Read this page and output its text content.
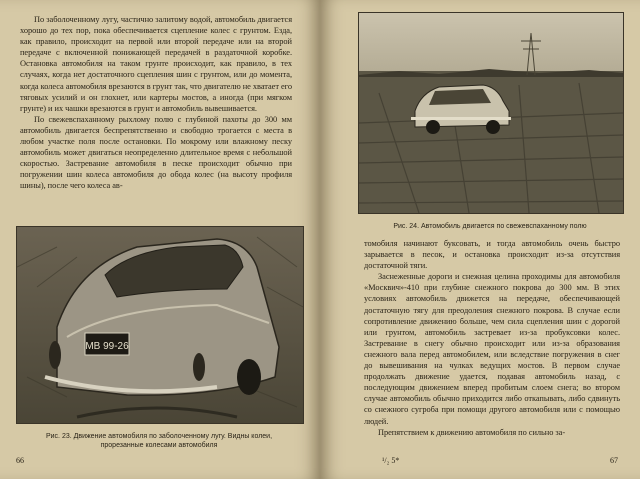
По заболоченному лугу, частично залитому водой, автомобиль двигается хорошо до тех пор, пока обеспечивается сцепление колес с грунтом. Езда, как правило, происходит на первой или второй передаче или на второй передаче с включенной понижающей передачей в раздаточной коробке. Остановка автомобиля на таком грунте происходит, как правило, в тех случаях, когда нет достаточного сцепления шин с грунтом, или до момента, когда колеса автомобиля врезаются в грунт так, что двигателю не хватает его тяговых усилий и он глохнет, или картеры мостов, а иногда (при мягком грунте) и их чашки врезаются в грунт и автомобиль вывешивается.

По свежевспаханному рыхлому полю с глубиной пахоты до 300 мм автомобиль двигается беспрепятственно и свободно трогается с места в любом участке поля после остановки. По мокрому или влажному песку автомобиль может двигаться неопределенно длительное время с небольшой скоростью. Застревание автомобиля в песке происходит обычно при погружении шин колеса автомобиля до обода колес (на высоту профиля шины), после чего колеса ав-

МВ 99-26
Рис. 23. Движение автомобиля по заболоченному лугу. Видны колеи, прорезанные колесами автомобиля
66
Рис. 24. Автомобиль двигается по свежевспаханному полю

томобиля начинают буксовать, и тогда автомобиль очень быстро зарывается в песок, и остановка происходит из-за отсутствия достаточной тяги.

Заснеженные дороги и снежная целина проходимы для автомобиля «Москвич»-410 при глубине снежного покрова до 300 мм. В этих условиях автомобиль движется на передаче, обеспечивающей достаточную тягу для преодоления снежного покрова. В случае если сопротивление движению больше, чем сила сцепления шин с дорогой или грунтом, автомобиль застревает из-за пробуксовки колес. Застревание в снегу обычно происходит или из-за образования снежного вала перед автомобилем, или вследствие погружения в снег до вывешивания на чулках ведущих мостов. В первом случае продолжать движение удается, подавая автомобиль назад, с последующим движением вперед пробитым слоем снега; во втором случае автомобиль обычно приходится либо откапывать, либо сдвинуть со снежного сугроба при помощи другого автомобиля или с помощью людей.

Препятствием к движению автомобиля по сильно за-

¹/₂ 5*	67
